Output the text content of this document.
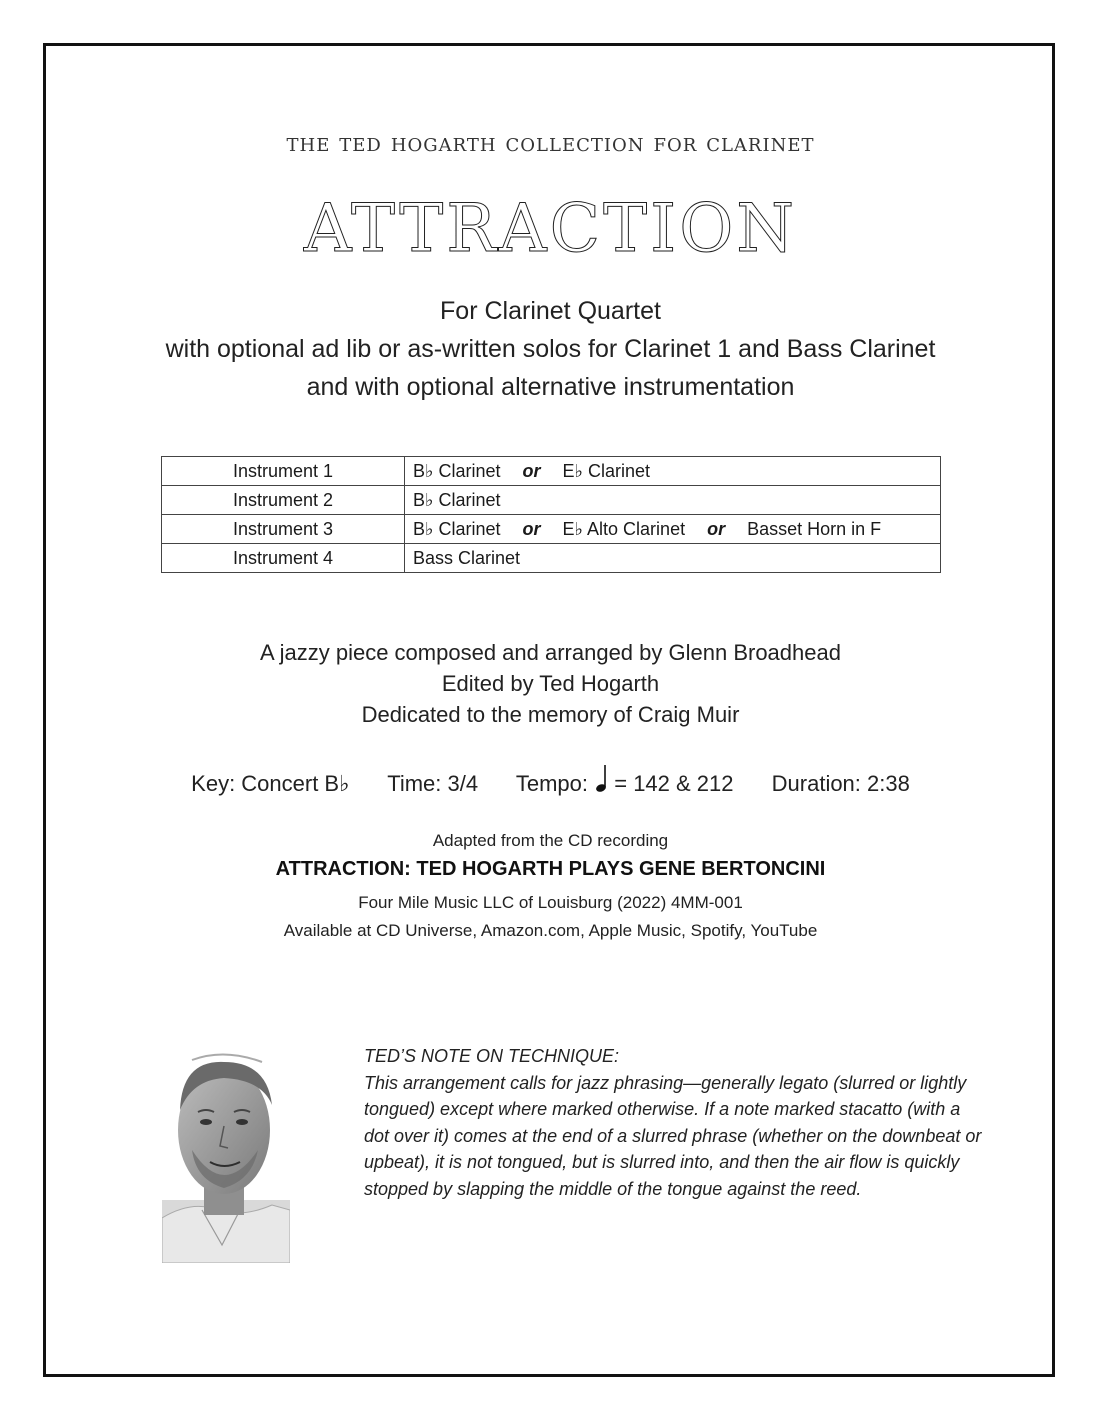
the ted hogarth collection for clarinet
ATTRACTION
For Clarinet Quartet
with optional ad lib or as-written solos for Clarinet 1 and Bass Clarinet
and with optional alternative instrumentation
Instrument 1	B♭ Clarinet or E♭ Clarinet
Instrument 2	B♭ Clarinet
Instrument 3	B♭ Clarinet or E♭ Alto Clarinet or Basset Horn in F
Instrument 4	Bass Clarinet
A jazzy piece composed and arranged by Glenn Broadhead
Edited by Ted Hogarth
Dedicated to the memory of Craig Muir
Key: Concert B♭ Time: 3/4 Tempo: = 142 & 212 Duration: 2:38
Adapted from the CD recording
ATTRACTION: TED HOGARTH PLAYS GENE BERTONCINI
Four Mile Music LLC of Louisburg (2022) 4MM-001
Available at CD Universe, Amazon.com, Apple Music, Spotify, YouTube
TED’S NOTE ON TECHNIQUE:
This arrangement calls for jazz phrasing—generally legato (slurred or lightly tongued) except where marked otherwise. If a note marked stacatto (with a dot over it) comes at the end of a slurred phrase (whether on the downbeat or upbeat), it is not tongued, but is slurred into, and then the air flow is quickly stopped by slapping the middle of the tongue against the reed.
